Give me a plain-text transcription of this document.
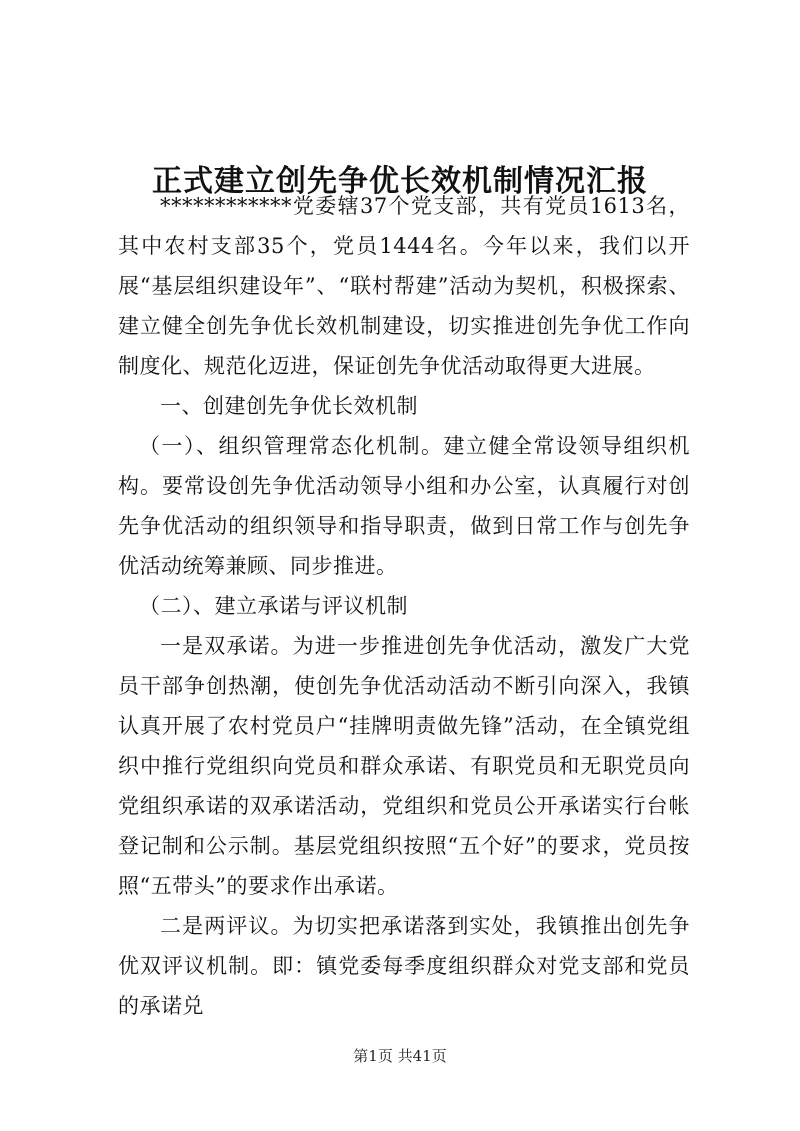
正式建立创先争优长效机制情况汇报

************党委辖37个党支部，共有党员1613名，其中农村支部35个，党员1444名。今年以来，我们以开展“基层组织建设年”、“联村帮建”活动为契机，积极探索、建立健全创先争优长效机制建设，切实推进创先争优工作向制度化、规范化迈进，保证创先争优活动取得更大进展。

一、创建创先争优长效机制

（一）、组织管理常态化机制。建立健全常设领导组织机构。要常设创先争优活动领导小组和办公室，认真履行对创先争优活动的组织领导和指导职责，做到日常工作与创先争优活动统筹兼顾、同步推进。

（二）、建立承诺与评议机制

一是双承诺。为进一步推进创先争优活动，激发广大党员干部争创热潮，使创先争优活动活动不断引向深入，我镇认真开展了农村党员户“挂牌明责做先锋”活动，在全镇党组织中推行党组织向党员和群众承诺、有职党员和无职党员向党组织承诺的双承诺活动，党组织和党员公开承诺实行台帐登记制和公示制。基层党组织按照“五个好”的要求，党员按照“五带头”的要求作出承诺。

二是两评议。为切实把承诺落到实处，我镇推出创先争优双评议机制。即：镇党委每季度组织群众对党支部和党员的承诺兑

第1页 共41页
